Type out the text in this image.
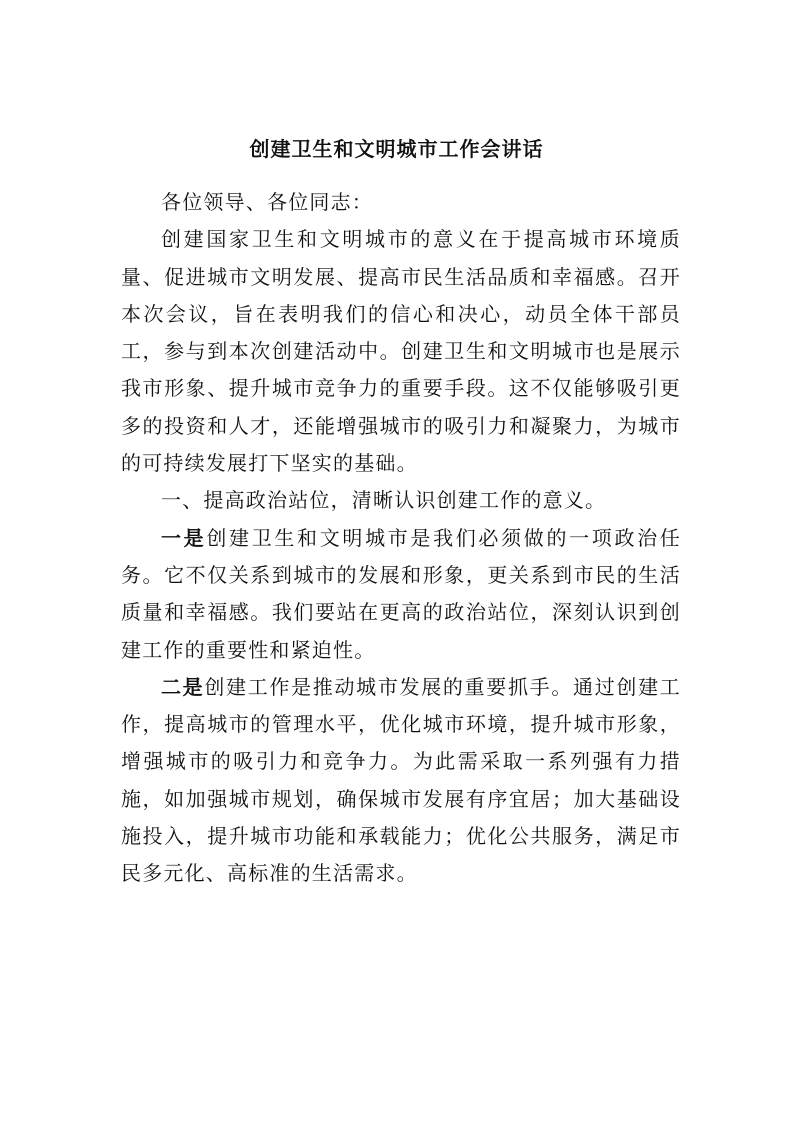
创建卫生和文明城市工作会讲话

各位领导、各位同志：

创建国家卫生和文明城市的意义在于提高城市环境质量、促进城市文明发展、提高市民生活品质和幸福感。召开本次会议，旨在表明我们的信心和决心，动员全体干部员工，参与到本次创建活动中。创建卫生和文明城市也是展示我市形象、提升城市竞争力的重要手段。这不仅能够吸引更多的投资和人才，还能增强城市的吸引力和凝聚力，为城市的可持续发展打下坚实的基础。

一、提高政治站位，清晰认识创建工作的意义。

一是创建卫生和文明城市是我们必须做的一项政治任务。它不仅关系到城市的发展和形象，更关系到市民的生活质量和幸福感。我们要站在更高的政治站位，深刻认识到创建工作的重要性和紧迫性。

二是创建工作是推动城市发展的重要抓手。通过创建工作，提高城市的管理水平，优化城市环境，提升城市形象，增强城市的吸引力和竞争力。为此需采取一系列强有力措施，如加强城市规划，确保城市发展有序宜居；加大基础设施投入，提升城市功能和承载能力；优化公共服务，满足市民多元化、高标准的生活需求。
